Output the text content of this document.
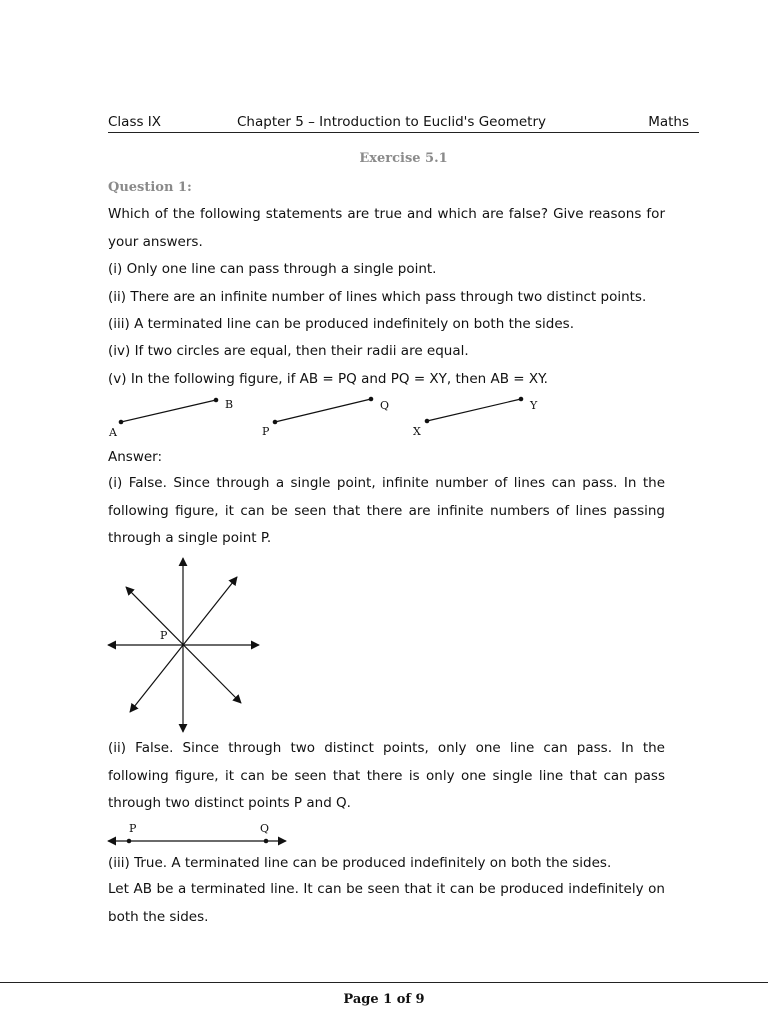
Class IX	Chapter 5 – Introduction to Euclid's Geometry	Maths
Exercise 5.1
Question 1:

Which of the following statements are true and which are false? Give reasons for your answers.

(i) Only one line can pass through a single point.
(ii) There are an infinite number of lines which pass through two distinct points.
(iii) A terminated line can be produced indefinitely on both the sides.
(iv) If two circles are equal, then their radii are equal.
(v) In the following figure, if AB = PQ and PQ = XY, then AB = XY.
A
B
P
Q
X
Y
Answer:

(i) False. Since through a single point, infinite number of lines can pass. In the following figure, it can be seen that there are infinite numbers of lines passing through a single point P.

P

(ii) False. Since through two distinct points, only one line can pass. In the following figure, it can be seen that there is only one single line that can pass through two distinct points P and Q.

P	Q
(iii) True. A terminated line can be produced indefinitely on both the sides.

Let AB be a terminated line. It can be seen that it can be produced indefinitely on both the sides.

Page 1 of 9
